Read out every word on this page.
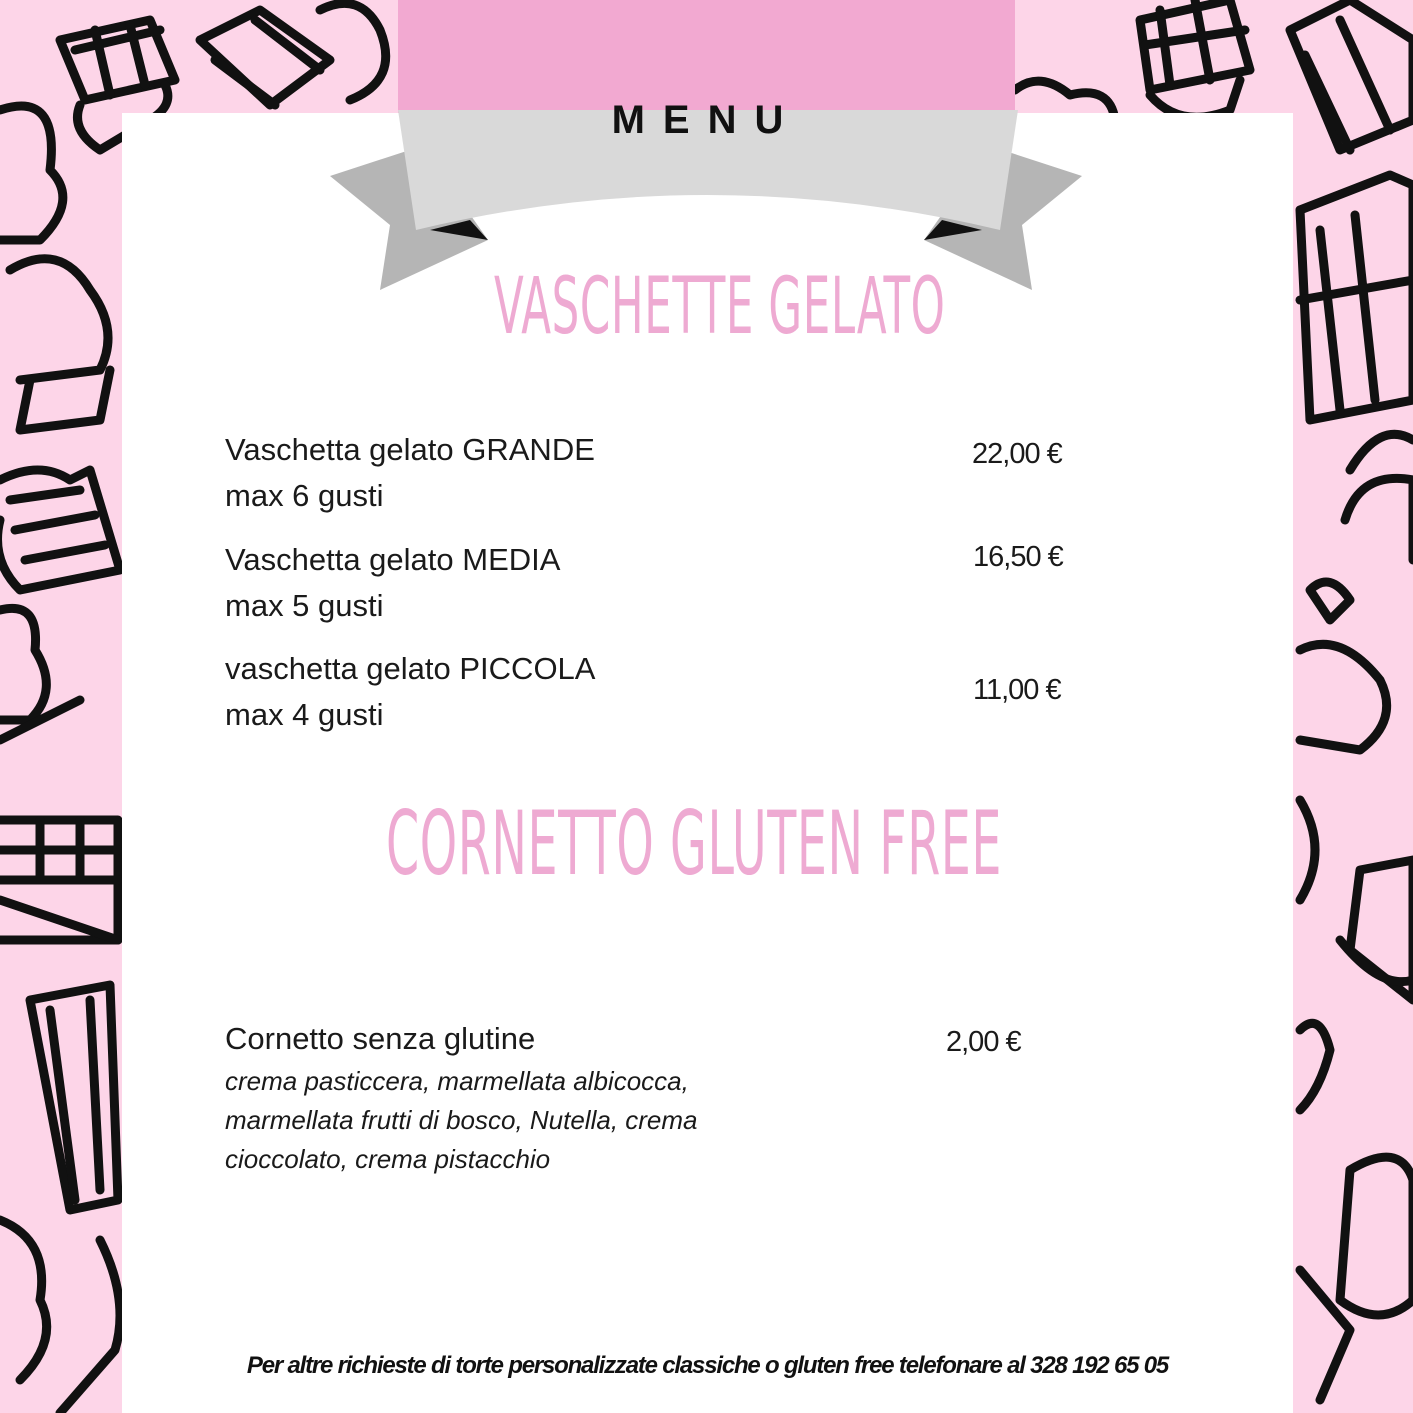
MENU
VASCHETTE GELATO
Vaschetta gelato GRANDE
max 6 gusti
22,00 €
Vaschetta gelato MEDIA
max 5 gusti
16,50 €
vaschetta gelato PICCOLA
max 4 gusti
11,00 €
CORNETTO GLUTEN FREE
Cornetto senza glutine	2,00 €
crema pasticcera, marmellata albicocca,
marmellata frutti di bosco, Nutella, crema
cioccolato, crema pistacchio
Per altre richieste di torte personalizzate classiche o gluten free telefonare al 328 192 65 05
